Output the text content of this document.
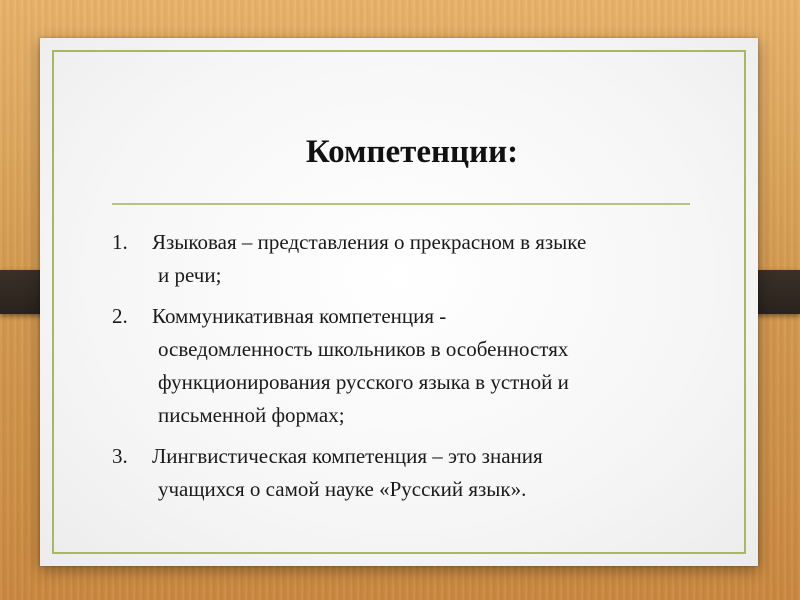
Компетенции:
1. Языковая – представления о прекрасном в языке
и речи;
2. Коммуникативная компетенция -
осведомленность школьников в особенностях
функционирования русского языка в устной и
письменной формах;
3. Лингвистическая компетенция – это знания
учащихся о самой науке «Русский язык».
